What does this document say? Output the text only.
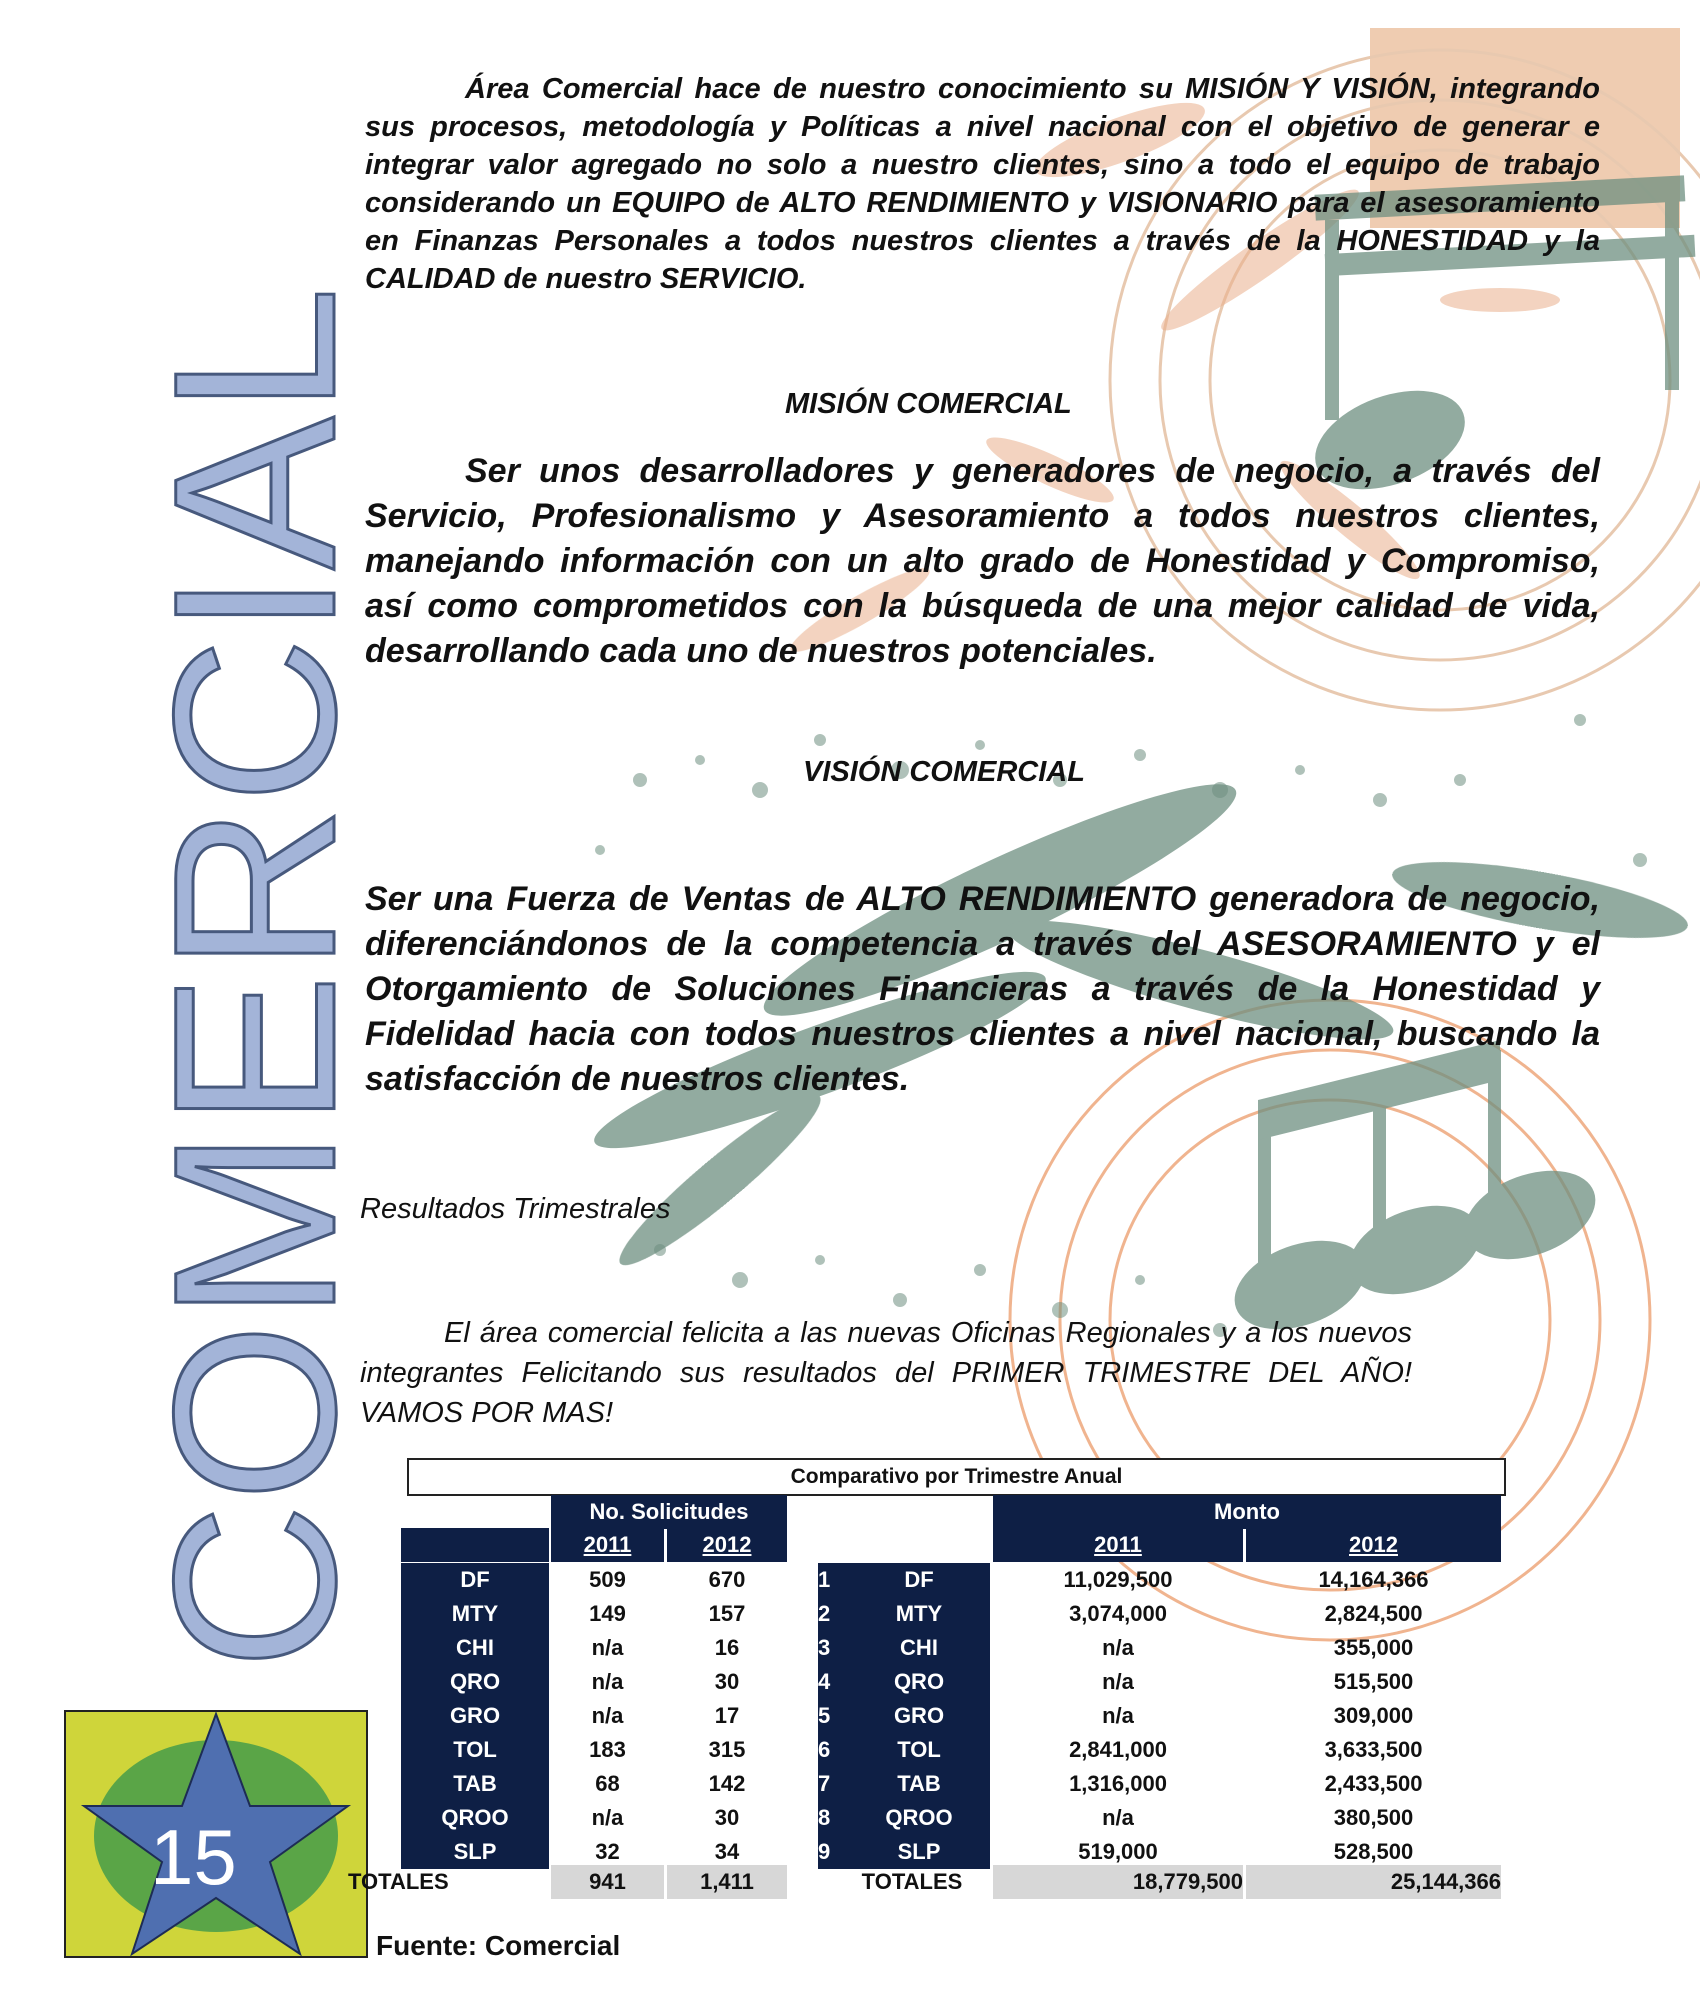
Área Comercial hace de nuestro conocimiento su MISIÓN Y VISIÓN, integrando sus procesos, metodología y Políticas a nivel nacional con el objetivo de generar e integrar valor agregado no solo a nuestro clientes, sino a todo el equipo de trabajo considerando un EQUIPO de ALTO RENDIMIENTO y VISIONARIO para el asesoramiento en Finanzas Personales a todos nuestros clientes a través de la HONESTIDAD y la CALIDAD de nuestro SERVICIO.
MISIÓN COMERCIAL
Ser unos desarrolladores y generadores de negocio, a través del Servicio, Profesionalismo y Asesoramiento a todos nuestros clientes, manejando información con un alto grado de Honestidad y Compromiso, así como comprometidos con la búsqueda de una mejor calidad de vida, desarrollando cada uno de nuestros potenciales.
VISIÓN COMERCIAL
Ser una Fuerza de Ventas de ALTO RENDIMIENTO generadora de negocio, diferenciándonos de la competencia a través del ASESORAMIENTO y el Otorgamiento de Soluciones Financieras a través de la Honestidad y Fidelidad hacia con todos nuestros clientes a nivel nacional, buscando la satisfacción de nuestros clientes.
Resultados Trimestrales
El área comercial felicita a las nuevas Oficinas Regionales y a los nuevos integrantes Felicitando sus resultados del PRIMER TRIMESTRE DEL AÑO! VAMOS POR MAS!
COMERCIAL
15
Comparativo por Trimestre Anual
No. Solicitudes	Monto
2011	2012	2011	2012
DF	509	670	1	DF	11,029,500	14,164,366
MTY	149	157	2	MTY	3,074,000	2,824,500
CHI	n/a	16	3	CHI	n/a	355,000
QRO	n/a	30	4	QRO	n/a	515,500
GRO	n/a	17	5	GRO	n/a	309,000
TOL	183	315	6	TOL	2,841,000	3,633,500
TAB	68	142	7	TAB	1,316,000	2,433,500
QROO	n/a	30	8	QROO	n/a	380,500
SLP	32	34	9	SLP	519,000	528,500
TOTALES	941	1,411	TOTALES	18,779,500	25,144,366
Fuente: Comercial
